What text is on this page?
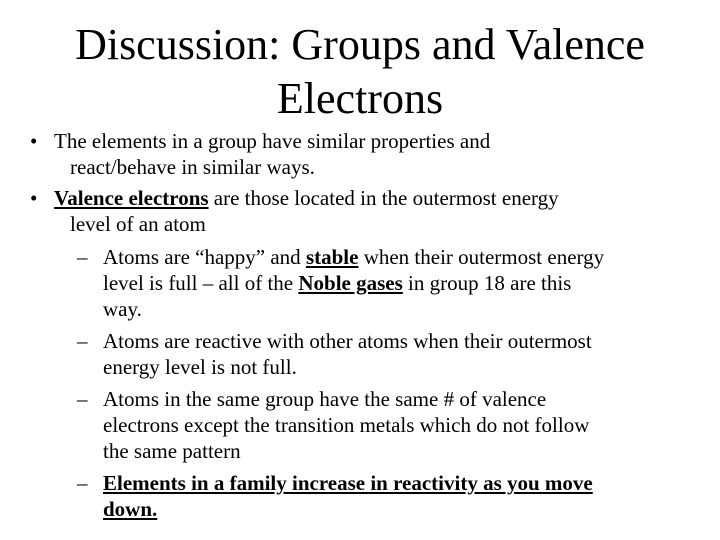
Discussion: Groups and Valence
Electrons
• The elements in a group have similar properties and
react/behave in similar ways.
• Valence electrons are those located in the outermost energy
level of an atom
– Atoms are “happy” and stable when their outermost energy
level is full – all of the Noble gases in group 18 are this
way.
– Atoms are reactive with other atoms when their outermost
energy level is not full.
– Atoms in the same group have the same # of valence
electrons except the transition metals which do not follow
the same pattern
– Elements in a family increase in reactivity as you move
down.
